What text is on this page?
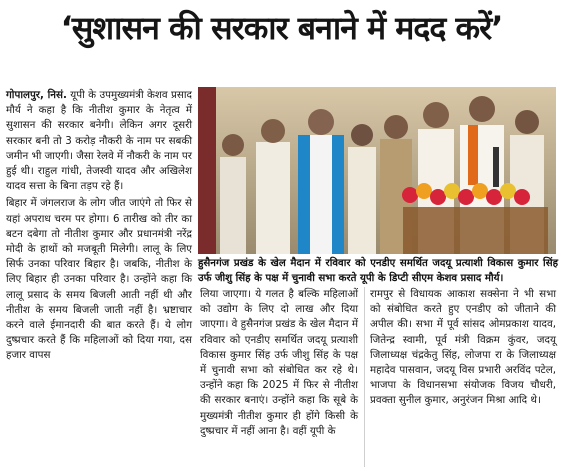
‘सुशासन की सरकार बनाने में मदद करें’

गोपालपुर, निसं. यूपी के उपमुख्यमंत्री केशव प्रसाद मौर्य ने कहा है कि नीतीश कुमार के नेतृत्व में सुशासन की सरकार बनेगी। लेकिन अगर दूसरी सरकार बनी तो 3 करोड़ नौकरी के नाम पर सबकी जमीन भी जाएगी। जैसा रेलवे में नौकरी के नाम पर हुई थी। राहुल गांधी, तेजस्वी यादव और अखिलेश यादव सत्ता के बिना तड़प रहे हैं।

बिहार में जंगलराज के लोग जीत जाएंगे तो फिर से यहां अपराध चरम पर होगा। 6 तारीख को तीर का बटन दबेगा तो नीतीश कुमार और प्रधानमंत्री नरेंद्र मोदी के हाथों को मजबूती मिलेगी। लालू के लिए सिर्फ उनका परिवार बिहार है। जबकि, नीतीश के लिए बिहार ही उनका परिवार है। उन्होंने कहा कि लालू प्रसाद के समय बिजली आती नहीं थी और नीतीश के समय बिजली जाती नहीं है। भ्रष्टाचार करने वाले ईमानदारी की बात करते हैं। ये लोग दुष्प्रचार करते हैं कि महिलाओं को दिया गया, दस हजार वापस

हुसैनगंज प्रखंड के खेल मैदान में रविवार को एनडीए समर्थित जदयू प्रत्याशी विकास कुमार सिंह उर्फ जीशु सिंह के पक्ष में चुनावी सभा करते यूपी के डिप्टी सीएम केशव प्रसाद मौर्य।

लिया जाएगा। ये गलत है बल्कि महिलाओं को उद्योग के लिए दो लाख और दिया जाएगा। वे हुसैनगंज प्रखंड के खेल मैदान में रविवार को एनडीए समर्थित जदयू प्रत्याशी विकास कुमार सिंह उर्फ जीशु सिंह के पक्ष में चुनावी सभा को संबोधित कर रहे थे। उन्होंने कहा कि 2025 में फिर से नीतीश की सरकार बनाएं। उन्होंने कहा कि सूबे के मुख्यमंत्री नीतीश कुमार ही होंगे किसी के दुष्प्रचार में नहीं आना है। वहीं यूपी के

रामपुर से विधायक आकाश सक्सेना ने भी सभा को संबोधित करते हुए एनडीए को जीताने की अपील की। सभा में पूर्व सांसद ओमप्रकाश यादव, जितेन्द्र स्वामी, पूर्व मंत्री विक्रम कुंवर, जदयू जिलाध्यक्ष चंद्रकेतु सिंह, लोजपा रा के जिलाध्यक्ष महादेव पासवान, जदयू विस प्रभारी अरविंद पटेल, भाजपा के विधानसभा संयोजक विजय चौधरी, प्रवक्ता सुनील कुमार, अनुरंजन मिश्रा आदि थे।
